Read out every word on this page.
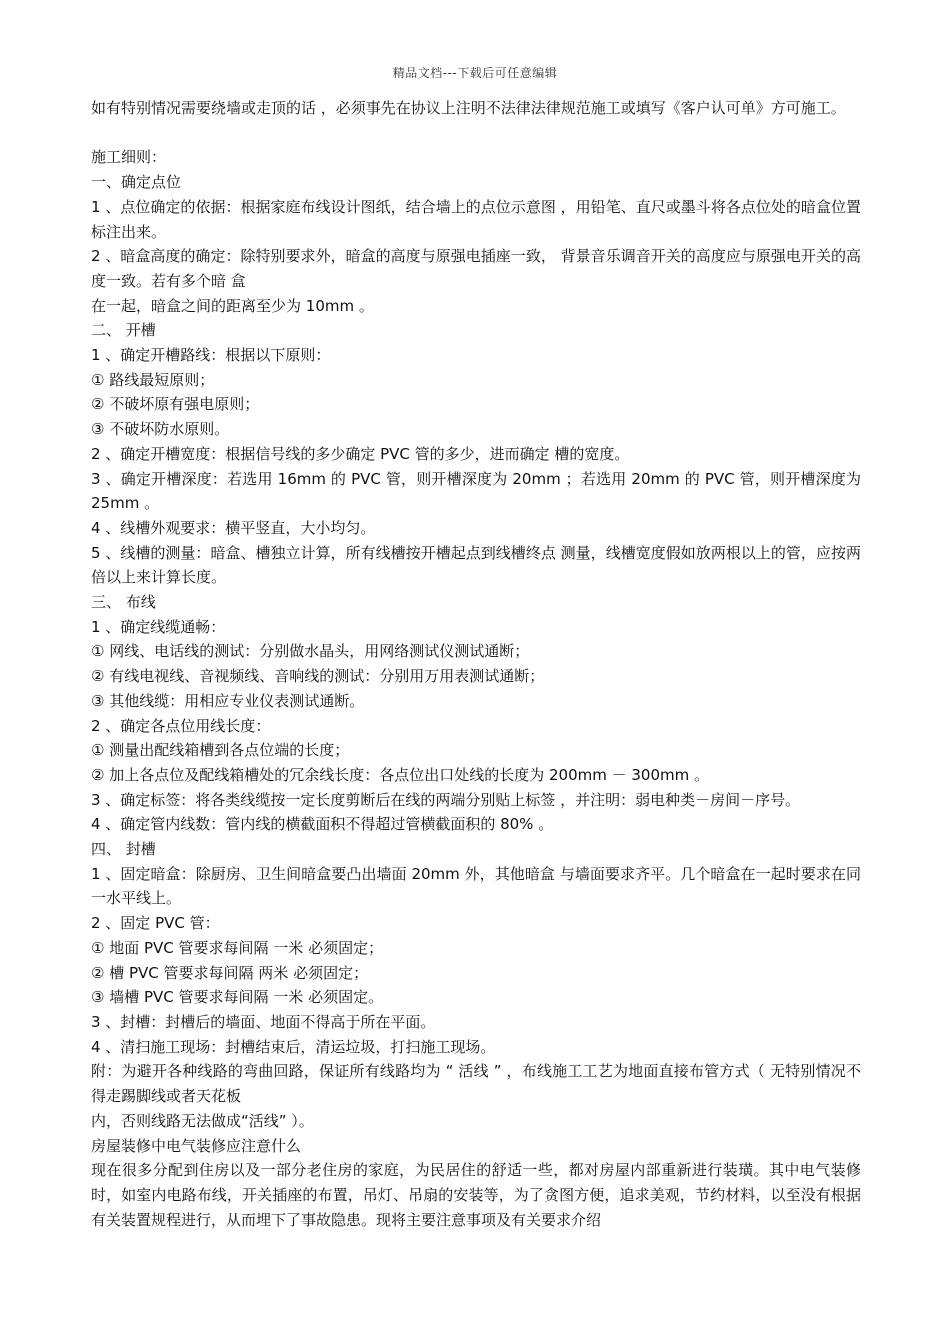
精品文档---下载后可任意编辑

如有特别情况需要绕墙或走顶的话 ，必须事先在协议上注明不法律法律规范施工或填写《客户认可单》方可施工。

施工细则：

一、确定点位

1 、点位确定的依据：根据家庭布线设计图纸，结合墙上的点位示意图 ，用铅笔、直尺或墨斗将各点位处的暗盒位置标注出来。

2 、暗盒高度的确定：除特别要求外，暗盒的高度与原强电插座一致， 背景音乐调音开关的高度应与原强电开关的高度一致。若有多个暗 盒

在一起，暗盒之间的距离至少为 10mm 。

二、 开槽

1 、确定开槽路线：根据以下原则：

① 路线最短原则；

② 不破坏原有强电原则；

③ 不破坏防水原则。

2 、确定开槽宽度：根据信号线的多少确定 PVC 管的多少，进而确定 槽的宽度。

3 、确定开槽深度：若选用 16mm 的 PVC 管，则开槽深度为 20mm ；若选用 20mm 的 PVC 管，则开槽深度为 25mm 。

4 、线槽外观要求：横平竖直，大小均匀。

5 、线槽的测量：暗盒、槽独立计算，所有线槽按开槽起点到线槽终点 测量，线槽宽度假如放两根以上的管，应按两倍以上来计算长度。

三、 布线

1 、确定线缆通畅：

① 网线、电话线的测试：分别做水晶头，用网络测试仪测试通断；

② 有线电视线、音视频线、音响线的测试：分别用万用表测试通断；

③ 其他线缆：用相应专业仪表测试通断。

2 、确定各点位用线长度：

① 测量出配线箱槽到各点位端的长度；

② 加上各点位及配线箱槽处的冗余线长度：各点位出口处线的长度为 200mm － 300mm 。

3 、确定标签：将各类线缆按一定长度剪断后在线的两端分别贴上标签 ，并注明：弱电种类－房间－序号。

4 、确定管内线数：管内线的横截面积不得超过管横截面积的 80% 。

四、 封槽

1 、固定暗盒：除厨房、卫生间暗盒要凸出墙面 20mm 外，其他暗盒 与墙面要求齐平。几个暗盒在一起时要求在同一水平线上。

2 、固定 PVC 管：

① 地面 PVC 管要求每间隔 一米 必须固定；

② 槽 PVC 管要求每间隔 两米 必须固定；

③ 墙槽 PVC 管要求每间隔 一米 必须固定。

3 、封槽：封槽后的墙面、地面不得高于所在平面。

4 、清扫施工现场：封槽结束后，清运垃圾，打扫施工现场。

附：为避开各种线路的弯曲回路，保证所有线路均为 “ 活线 ” ，布线施工工艺为地面直接布管方式（ 无特别情况不得走踢脚线或者天花板

内，否则线路无法做成“活线” ）。

房屋装修中电气装修应注意什么

现在很多分配到住房以及一部分老住房的家庭，为民居住的舒适一些，都对房屋内部重新进行装璜。其中电气装修时，如室内电路布线，开关插座的布置，吊灯、吊扇的安装等，为了贪图方便，追求美观，节约材料，以至没有根据有关装置规程进行，从而埋下了事故隐患。现将主要注意事项及有关要求介绍
